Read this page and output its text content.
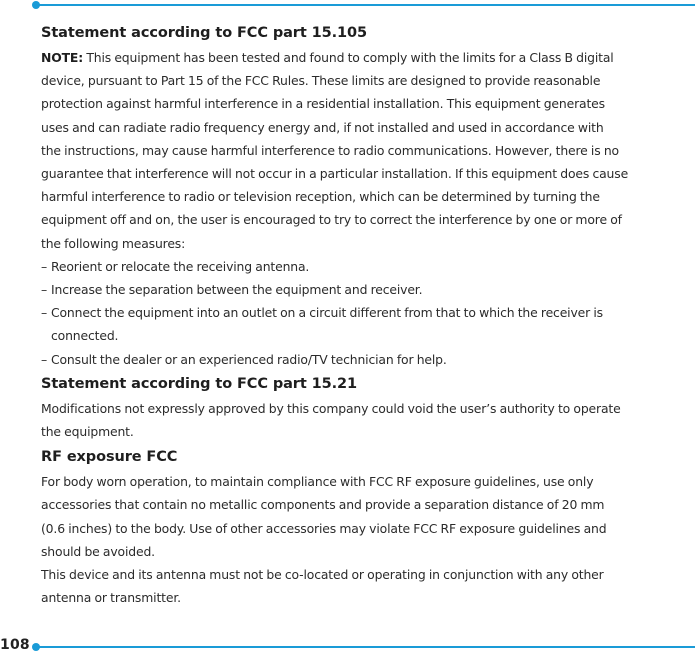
Statement according to FCC part 15.105

NOTE: This equipment has been tested and found to comply with the limits for a Class B digital
device, pursuant to Part 15 of the FCC Rules. These limits are designed to provide reasonable
protection against harmful interference in a residential installation. This equipment generates
uses and can radiate radio frequency energy and, if not installed and used in accordance with
the instructions, may cause harmful interference to radio communications. However, there is no
guarantee that interference will not occur in a particular installation. If this equipment does cause
harmful interference to radio or television reception, which can be determined by turning the
equipment off and on, the user is encouraged to try to correct the interference by one or more of
the following measures:

– Reorient or relocate the receiving antenna.
– Increase the separation between the equipment and receiver.
– Connect the equipment into an outlet on a circuit different from that to which the receiver is
connected.
– Consult the dealer or an experienced radio/TV technician for help.
Statement according to FCC part 15.21

Modifications not expressly approved by this company could void the user’s authority to operate
the equipment.

RF exposure FCC

For body worn operation, to maintain compliance with FCC RF exposure guidelines, use only
accessories that contain no metallic components and provide a separation distance of 20 mm
(0.6 inches) to the body. Use of other accessories may violate FCC RF exposure guidelines and
should be avoided.
This device and its antenna must not be co-located or operating in conjunction with any other
antenna or transmitter.

108
